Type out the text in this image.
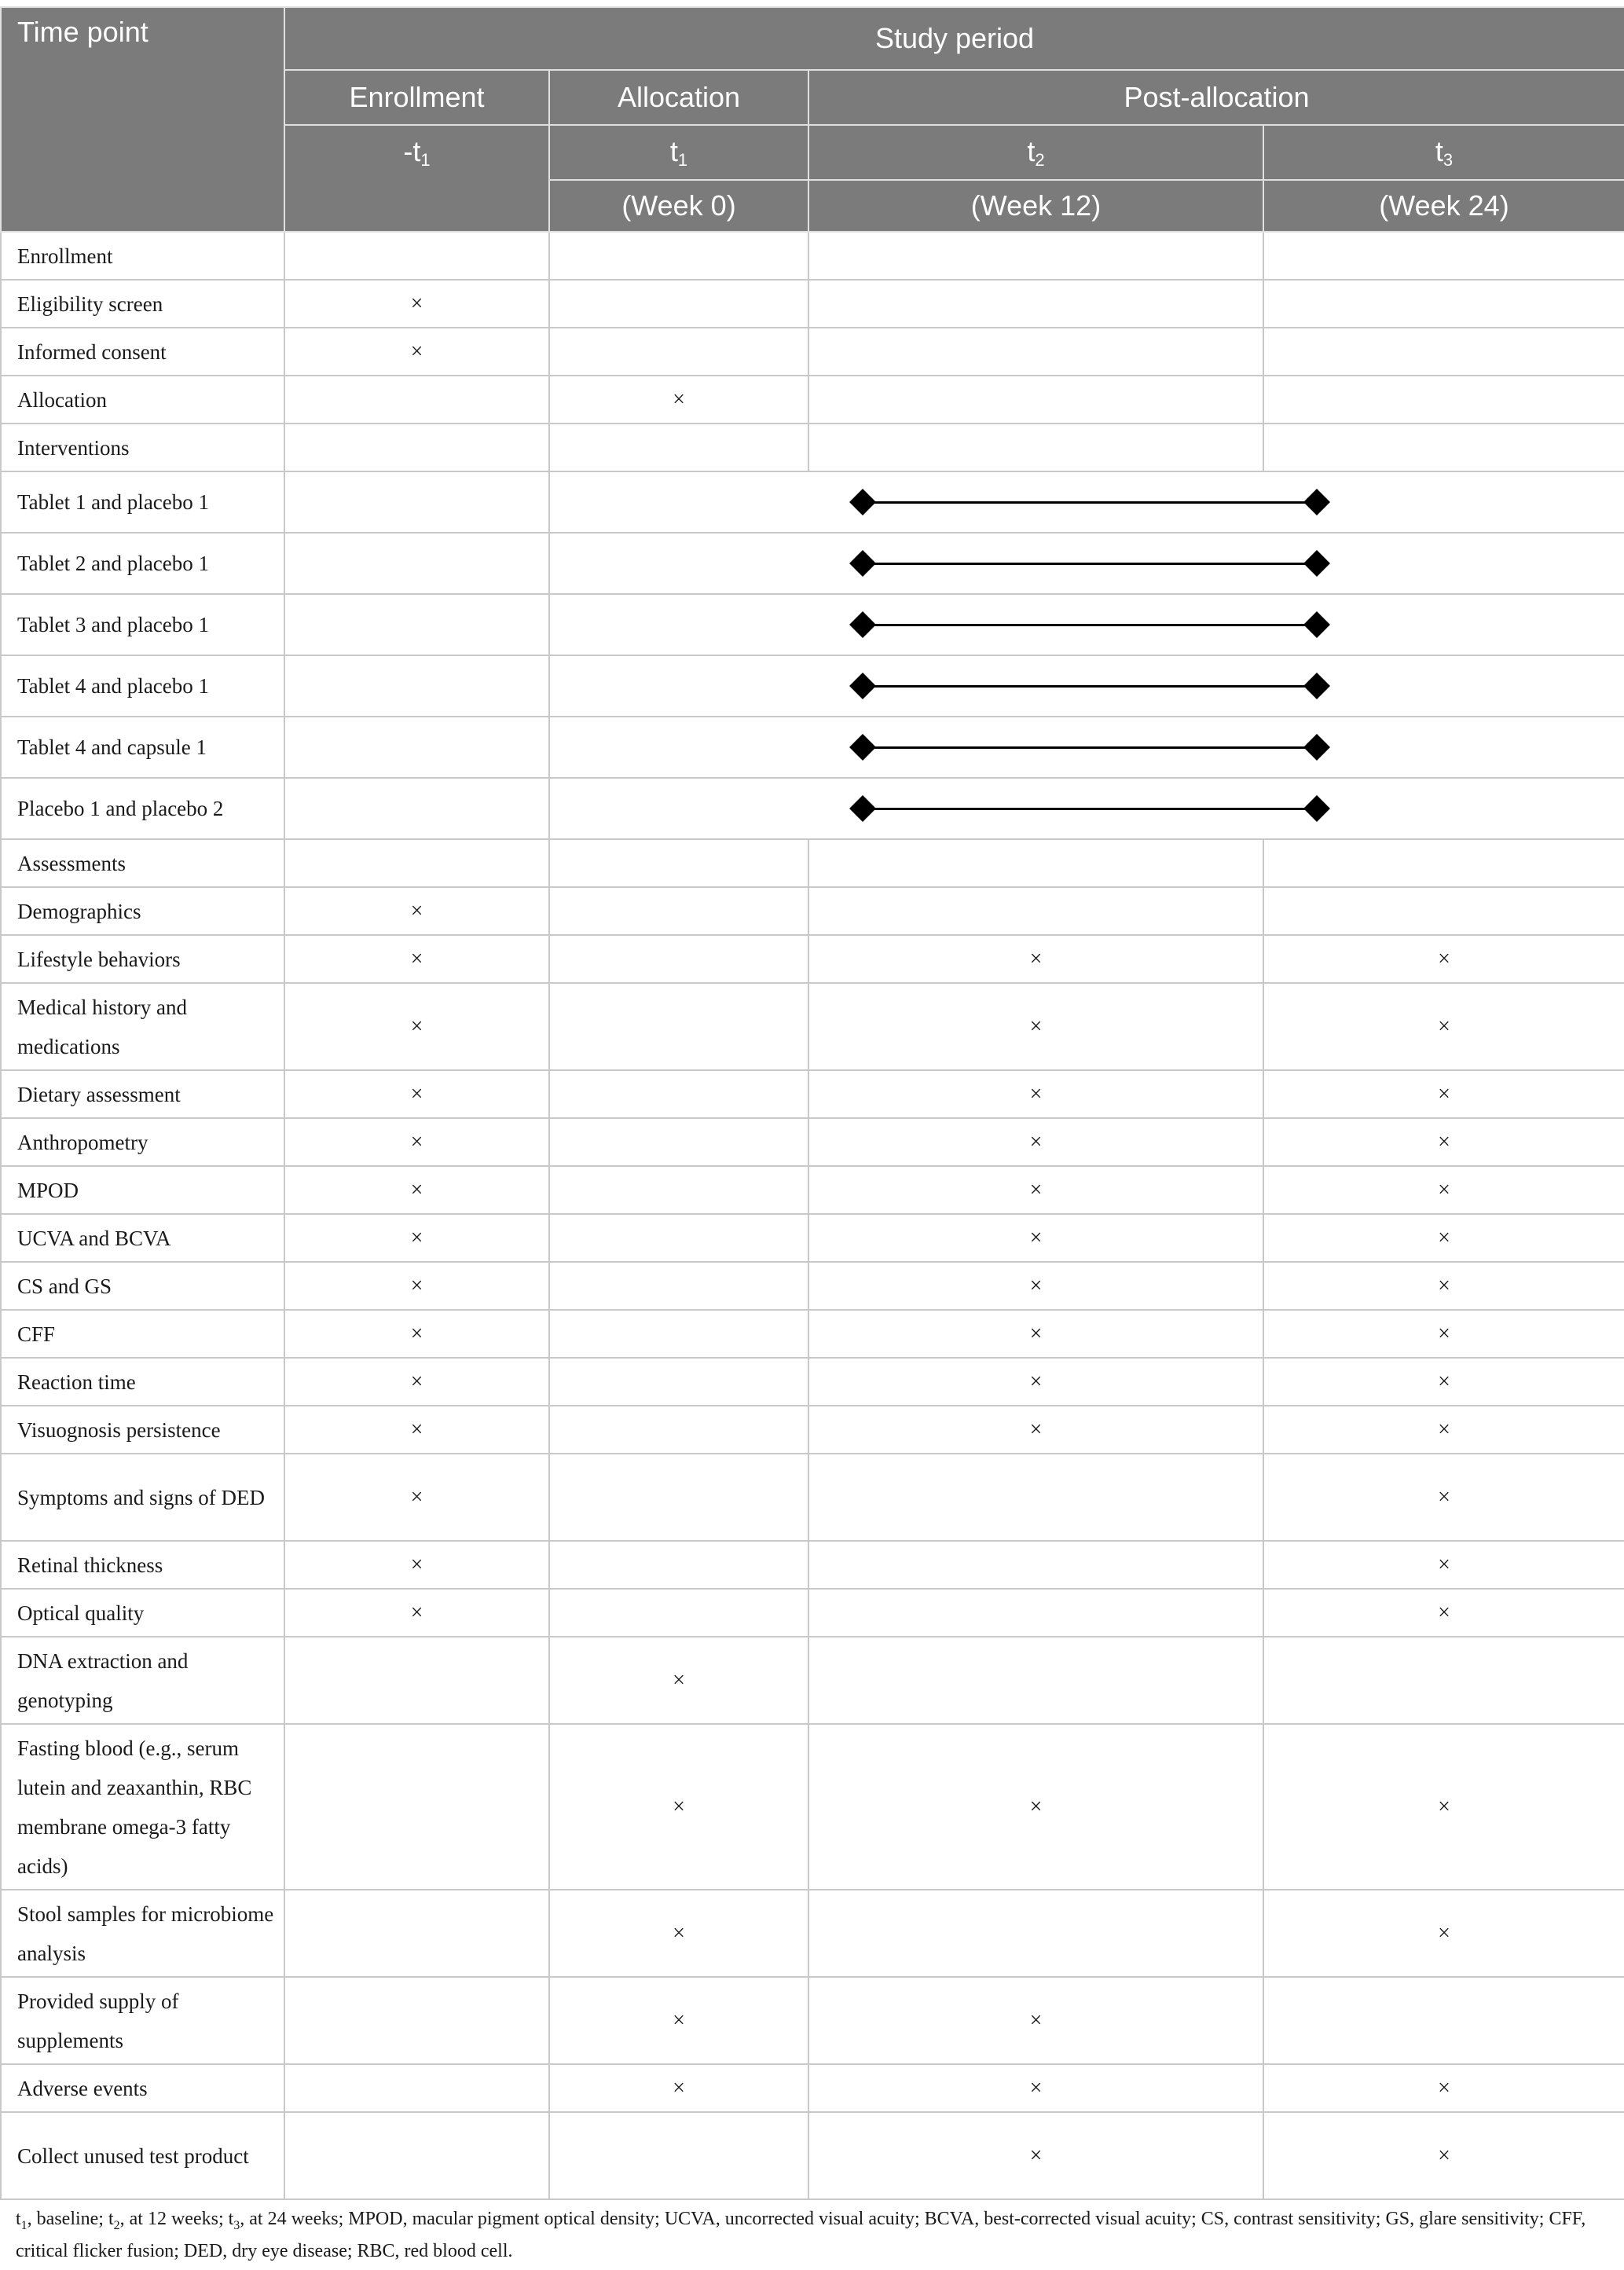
Time point	Study period			
	Enrollment	Allocation	Post-allocation	
	$-t_1$	$t_1$	$t_2$	$t_3$
		(Week 0)	(Week 12)	(Week 24)
Enrollment				
Eligibility screen	×			
Informed consent	×			
Allocation		×		
Interventions				
Tablet 1 and placebo 1				

Tablet 2 and placebo 1				

Tablet 3 and placebo 1				

Tablet 4 and placebo 1				

Tablet 4 and capsule 1				

Placebo 1 and placebo 2				

Assessments				
Demographics	×			
Lifestyle behaviors	×		×	×
Medical history and medications	×		×	×
Dietary assessment	×		×	×
Anthropometry	×		×	×
MPOD	×		×	×
UCVA and BCVA	×		×	×
CS and GS	×		×	×
CFF	×		×	×
Reaction time	×		×	×
Visuognosis persistence	×		×	×
Symptoms and signs of DED	×			×
Retinal thickness	×			×
Optical quality	×			×
DNA extraction and genotyping		×		
Fasting blood (e.g., serum lutein and zeaxanthin, RBC membrane omega-3 fatty acids)		×	×	×
Stool samples for microbiome analysis		×		×
Provided supply of supplements		×	×	
Adverse events		×	×	×
Collect unused test product			×	×
$t_1$, baseline; $t_2$, at 12 weeks; $t_3$, at 24 weeks; MPOD, macular pigment optical density; UCVA, uncorrected visual acuity; BCVA, best-corrected visual acuity; CS, contrast sensitivity; GS, glare sensitivity; CFF, critical flicker fusion; DED, dry eye disease; RBC, red blood cell.
